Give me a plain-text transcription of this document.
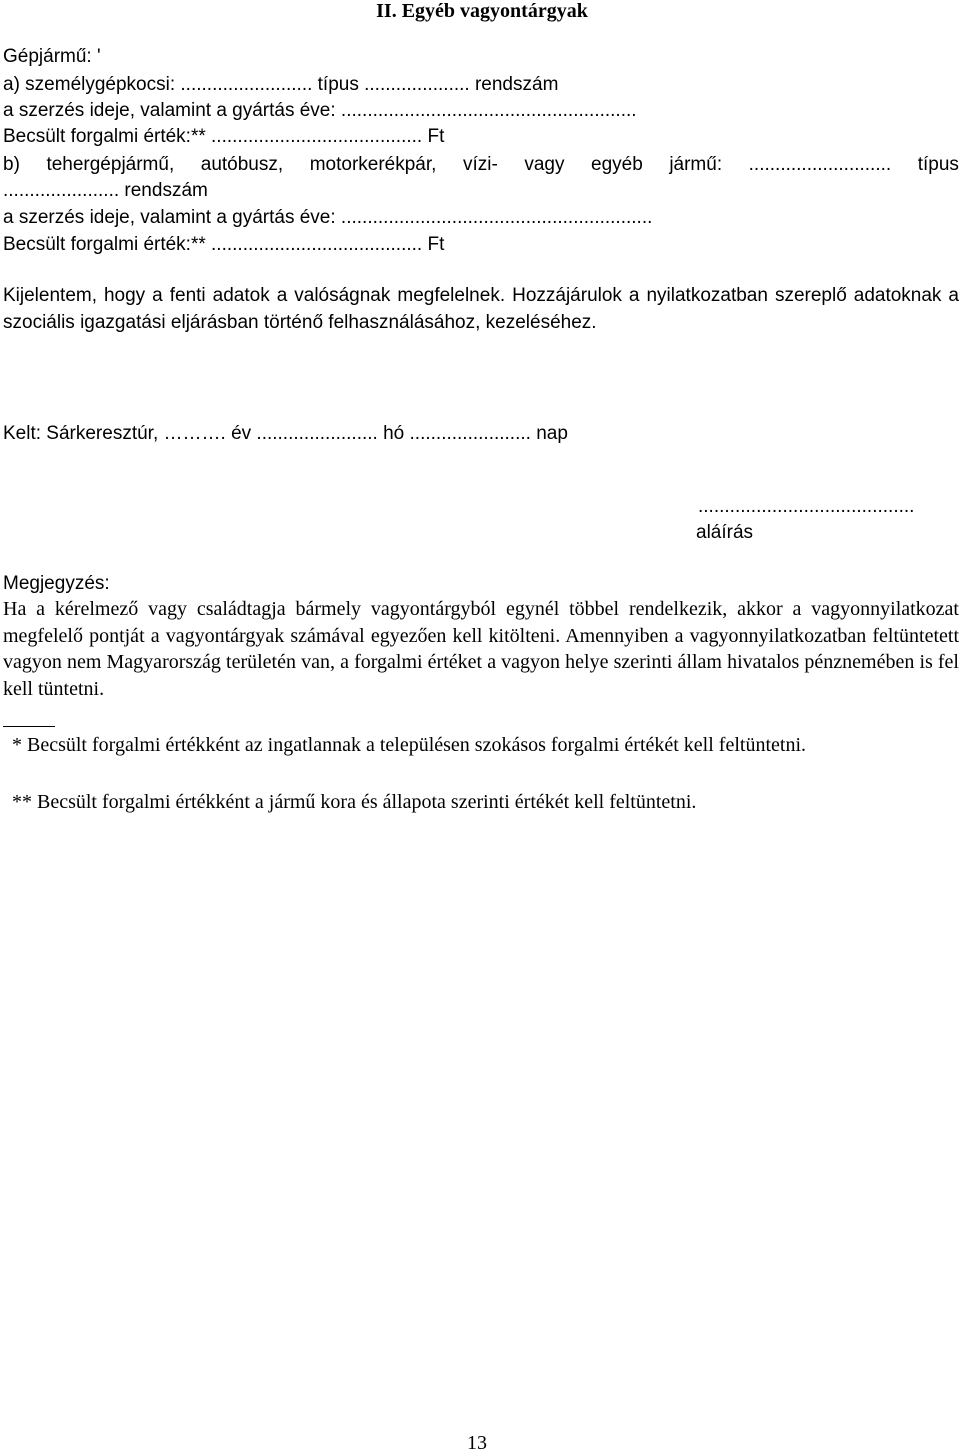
II. Egyéb vagyontárgyak
Gépjármű: '
a) személygépkocsi: ......................... típus .................... rendszám
a szerzés ideje, valamint a gyártás éve: ........................................................
Becsült forgalmi érték:** ........................................ Ft
b) tehergépjármű, autóbusz, motorkerékpár, vízi- vagy egyéb jármű: ........................... típus
...................... rendszám
a szerzés ideje, valamint a gyártás éve: ...........................................................
Becsült forgalmi érték:** ........................................ Ft
Kijelentem, hogy a fenti adatok a valóságnak megfelelnek. Hozzájárulok a nyilatkozatban szereplő adatoknak a szociális igazgatási eljárásban történő felhasználásához, kezeléséhez.
Kelt: Sárkeresztúr, ………. év ....................... hó ....................... nap
.........................................
aláírás
Megjegyzés:
Ha a kérelmező vagy családtagja bármely vagyontárgyból egynél többel rendelkezik, akkor a vagyonnyilatkozat megfelelő pontját a vagyontárgyak számával egyezően kell kitölteni. Amennyiben a vagyonnyilatkozatban feltüntetett vagyon nem Magyarország területén van, a forgalmi értéket a vagyon helye szerinti állam hivatalos pénznemében is fel kell tüntetni.
* Becsült forgalmi értékként az ingatlannak a településen szokásos forgalmi értékét kell feltüntetni.
** Becsült forgalmi értékként a jármű kora és állapota szerinti értékét kell feltüntetni.
13
